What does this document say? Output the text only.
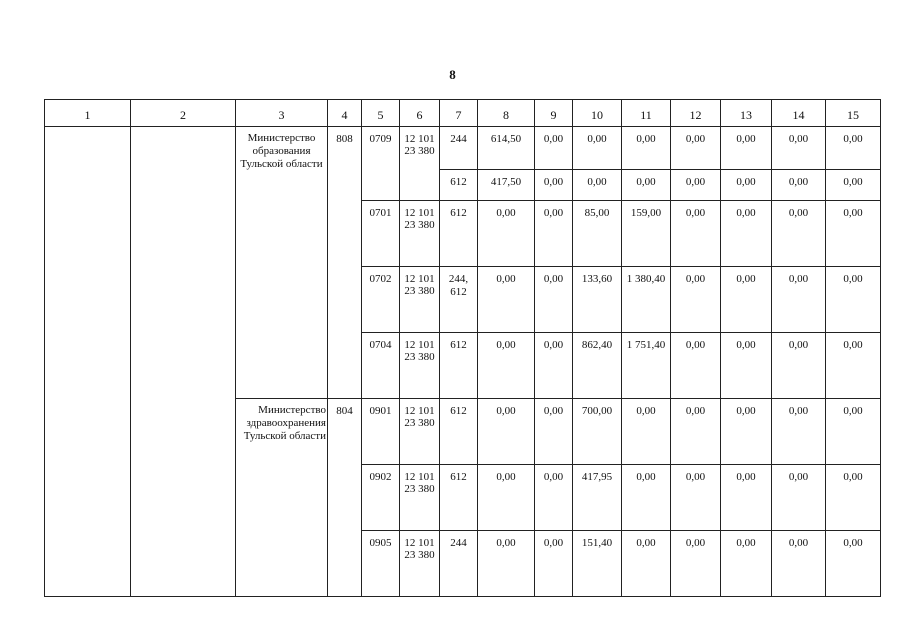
8
1	2	3	4	5	6	7	8	9	10	11	12	13	14	15
		Министерство образования Тульской области	808	0709	12 101 23 380	244	614,50	0,00	0,00	0,00	0,00	0,00	0,00	0,00
						612	417,50	0,00	0,00	0,00	0,00	0,00	0,00	0,00
				0701	12 101 23 380	612	0,00	0,00	85,00	159,00	0,00	0,00	0,00	0,00
				0702	12 101 23 380	244, 612	0,00	0,00	133,60	1 380,40	0,00	0,00	0,00	0,00
				0704	12 101 23 380	612	0,00	0,00	862,40	1 751,40	0,00	0,00	0,00	0,00
		Министерство здравоохранения Тульской области	804	0901	12 101 23 380	612	0,00	0,00	700,00	0,00	0,00	0,00	0,00	0,00
				0902	12 101 23 380	612	0,00	0,00	417,95	0,00	0,00	0,00	0,00	0,00
				0905	12 101 23 380	244	0,00	0,00	151,40	0,00	0,00	0,00	0,00	0,00
